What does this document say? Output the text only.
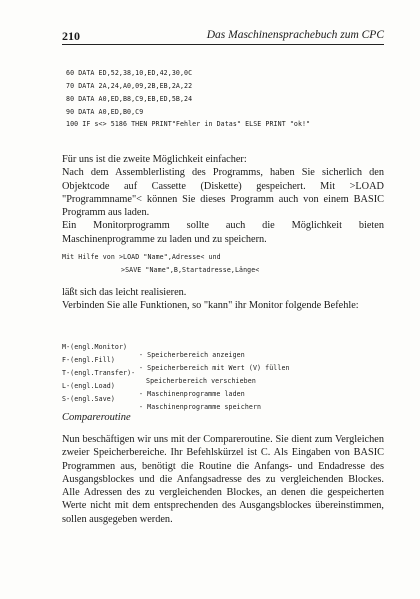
210	Das Maschinensprachebuch zum CPC

60 DATA ED,52,38,10,ED,42,30,0C

70 DATA 2A,24,A0,09,2B,EB,2A,22

80 DATA A0,ED,B8,C9,EB,ED,5B,24

90 DATA A0,ED,B0,C9

100 IF s<> 5186 THEN PRINT"Fehler in Datas" ELSE PRINT "ok!"

Für uns ist die zweite Möglichkeit einfacher:

Nach dem Assemblerlisting des Programms, haben Sie sicherlich den Objektcode auf Cassette (Diskette) gespeichert. Mit >LOAD "Programmname"< können Sie dieses Programm auch von einem BASIC Programm aus laden.

Ein Monitorprogramm sollte auch die Möglichkeit bieten Maschinenprogramme zu laden und zu speichern.

Mit Hilfe von >LOAD "Name",Adresse< und
>SAVE "Name",B,Startadresse,Länge<

läßt sich das leicht realisieren.

Verbinden Sie alle Funktionen, so "kann" ihr Monitor folgende Befehle:

M-(engl.Monitor)

- Speicherbereich anzeigen

F-(engl.Fill)

- Speicherbereich mit Wert (V) füllen

T-(engl.Transfer)-

Speicherbereich verschieben

L-(engl.Load)

- Maschinenprogramme laden

S-(engl.Save)

- Maschinenprogramme speichern

Compareroutine

Nun beschäftigen wir uns mit der Compareroutine. Sie dient zum Vergleichen zweier Speicherbereiche. Ihr Befehlskürzel ist C. Als Eingaben von BASIC Programmen aus, benötigt die Routine die Anfangs- und Endadresse des Ausgangsblockes und die Anfangsadresse des zu vergleichenden Blockes. Alle Adressen des zu vergleichenden Blockes, an denen die gespeicherten Werte nicht mit dem entsprechenden des Ausgangsblockes übereinstimmen, sollen ausgegeben werden.
